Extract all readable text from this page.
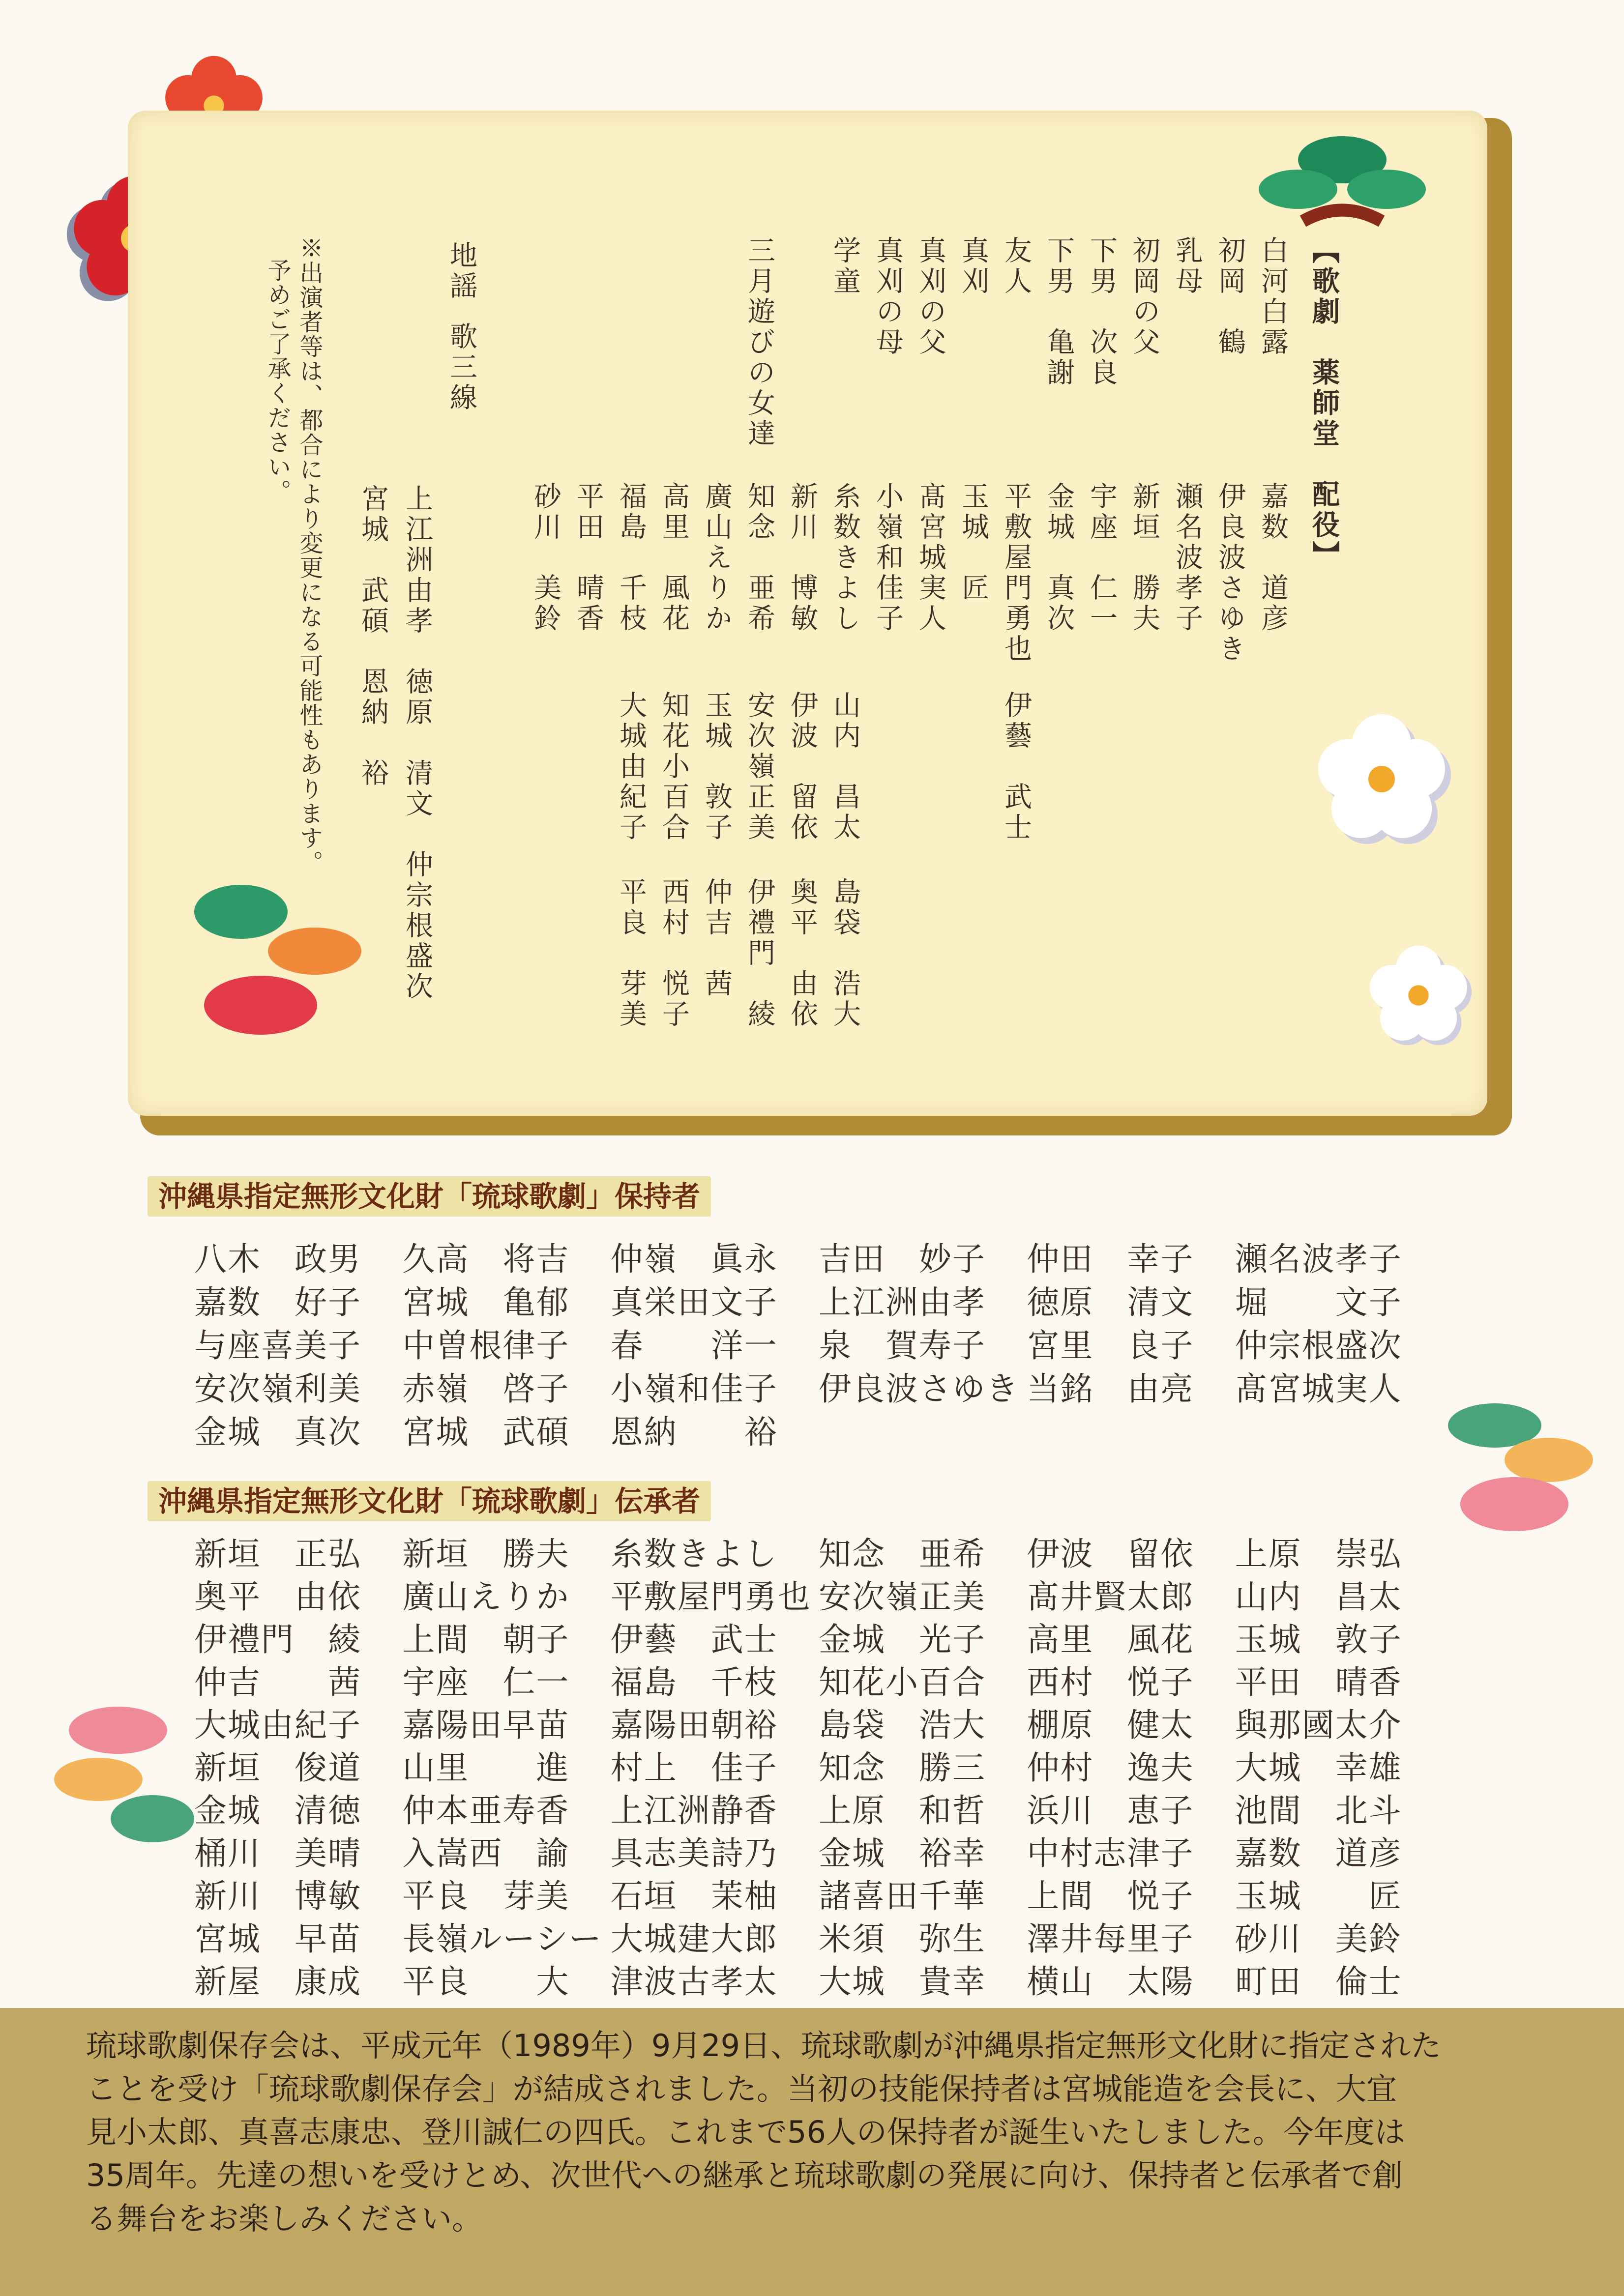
【歌劇　薬師堂　配役】
白河白露
嘉数　道彦
初岡　鶴
伊良波さゆき
乳母
瀬名波孝子
初岡の父
新垣　勝夫
下男　次良
宇座　仁一
下男　亀謝
金城　真次
友人
平敷屋門勇也
伊藝　武士
真刈
玉城　匠
真刈の父
髙宮城実人
真刈の母
小嶺和佳子
学童
糸数きよし
山内　昌太
島袋　浩大
新川　博敏
伊波　留依
奥平　由依
三月遊びの女達
知念　亜希
安次嶺正美
伊禮門　綾
廣山えりか
玉城　敦子
仲吉　茜
高里　風花
知花小百合
西村　悦子
福島　千枝
大城由紀子
平良　芽美
平田　晴香
砂川　美鈴
地謡
歌三線
上江洲由孝　徳原　清文　仲宗根盛次
宮城　武碩　恩納　裕
※出演者等は、都合により変更になる可能性もあります。
予めご了承ください。
沖縄県指定無形文化財「琉球歌劇」保持者
八木　政男	久高　将吉	仲嶺　眞永	吉田　妙子	仲田　幸子	瀬名波孝子
嘉数　好子	宮城　亀郁	真栄田文子	上江洲由孝	徳原　清文	堀　　文子
与座喜美子	中曽根律子	春　　洋一	泉　賀寿子	宮里　良子	仲宗根盛次
安次嶺利美	赤嶺　啓子	小嶺和佳子	伊良波さゆき 当銘　由亮	髙宮城実人
金城　真次	宮城　武碩	恩納　　裕
沖縄県指定無形文化財「琉球歌劇」伝承者
新垣　正弘	新垣　勝夫	糸数きよし	知念　亜希	伊波　留依	上原　崇弘
奥平　由依	廣山えりか	平敷屋門勇也 安次嶺正美	髙井賢太郎	山内　昌太
伊禮門　綾	上間　朝子	伊藝　武士	金城　光子	高里　風花	玉城　敦子
仲吉　　茜	宇座　仁一	福島　千枝	知花小百合	西村　悦子	平田　晴香
大城由紀子	嘉陽田早苗	嘉陽田朝裕	島袋　浩大	棚原　健太	與那國太介
新垣　俊道	山里　　進	村上　佳子	知念　勝三	仲村　逸夫	大城　幸雄
金城　清徳	仲本亜寿香	上江洲静香	上原　和哲	浜川　恵子	池間　北斗
桶川　美晴	入嵩西　諭	具志美詩乃	金城　裕幸	中村志津子	嘉数　道彦
新川　博敏	平良　芽美	石垣　茉柚	諸喜田千華	上間　悦子	玉城　　匠
宮城　早苗	長嶺ルーシー 大城建大郎	米須　弥生	澤井每里子	砂川　美鈴
新屋　康成	平良　　大	津波古孝太	大城　貴幸	横山　太陽	町田　倫士
琉球歌劇保存会は、平成元年（1989年）9月29日、琉球歌劇が沖縄県指定無形文化財に指定された
ことを受け「琉球歌劇保存会」が結成されました。当初の技能保持者は宮城能造を会長に、大宜
見小太郎、真喜志康忠、登川誠仁の四氏。これまで56人の保持者が誕生いたしました。今年度は
35周年。先達の想いを受けとめ、次世代への継承と琉球歌劇の発展に向け、保持者と伝承者で創
る舞台をお楽しみください。
